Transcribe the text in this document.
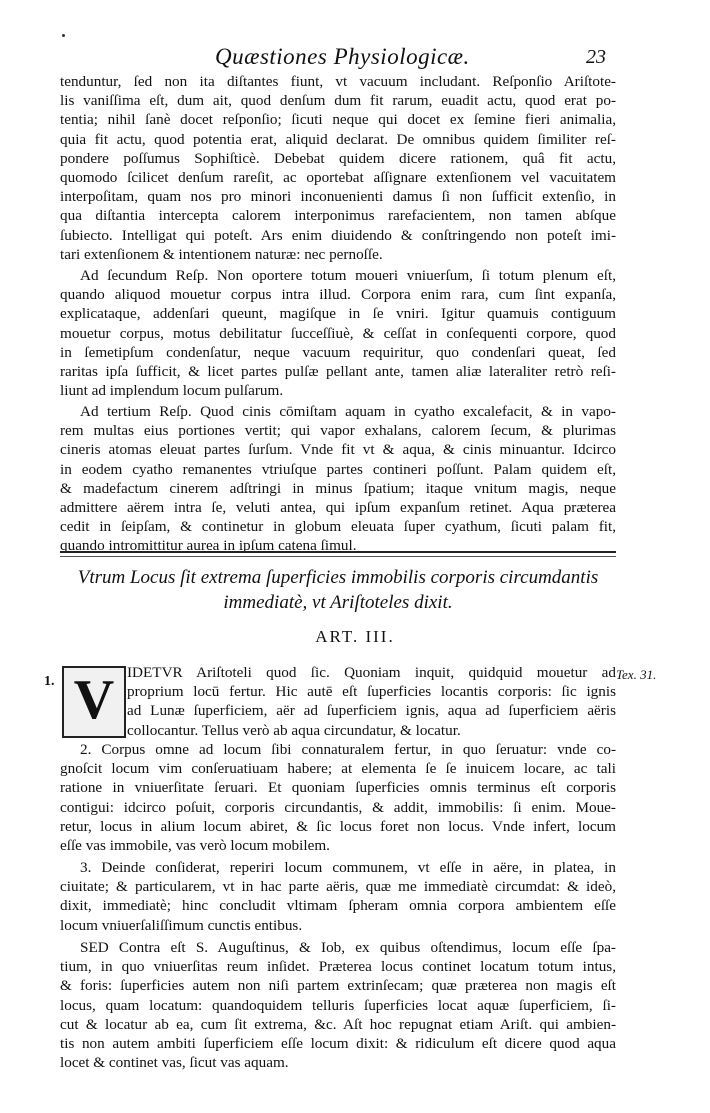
Quæstiones Physiologicæ.	23
tenduntur, ſed non ita diſtantes fiunt, vt vacuum includant. Reſponſio Ariſtote-
lis vaniſſima eſt, dum ait, quod denſum dum fit rarum, euadit actu, quod erat po-
tentia; nihil ſanè docet reſponſio; ſicuti neque qui docet ex ſemine fieri animalia,
quia fit actu, quod potentia erat, aliquid declarat. De omnibus quidem ſimiliter reſ-
pondere poſſumus Sophiſticè. Debebat quidem dicere rationem, quâ fit actu,
quomodo ſcilicet denſum rareſit, ac oportebat aſſignare extenſionem vel vacuitatem
interpoſitam, quam nos pro minori inconuenienti damus ſi non ſufficit extenſio, in
qua diſtantia intercepta calorem interponimus rarefacientem, non tamen abſque
ſubiecto. Intelligat qui poteſt. Ars enim diuidendo & conſtringendo non poteſt imi-
tari extenſionem & intentionem naturæ: nec pernoſſe.
Ad ſecundum Reſp. Non oportere totum moueri vniuerſum, ſi totum plenum eſt,
quando aliquod mouetur corpus intra illud. Corpora enim rara, cum ſint expanſa,
explicataque, addenſari queunt, magiſque in ſe vniri. Igitur quamuis contiguum
mouetur corpus, motus debilitatur ſucceſſiuè, & ceſſat in conſequenti corpore, quod
in ſemetipſum condenſatur, neque vacuum requiritur, quo condenſari queat, ſed
raritas ipſa ſufficit, & licet partes pulſæ pellant ante, tamen aliæ lateraliter retrò reſi-
liunt ad implendum locum pulſarum.
Ad tertium Reſp. Quod cinis cōmiſtam aquam in cyatho excalefacit, & in vapo-
rem multas eius portiones vertit; qui vapor exhalans, calorem ſecum, & plurimas
cineris atomas eleuat partes ſurſum. Vnde fit vt & aqua, & cinis minuantur. Idcirco
in eodem cyatho remanentes vtriuſque partes contineri poſſunt. Palam quidem eſt,
& madefactum cinerem adſtringi in minus ſpatium; itaque vnitum magis, neque
admittere aërem intra ſe, veluti antea, qui ipſum expanſum retinet. Aqua præterea
cedit in ſeipſam, & continetur in globum eleuata ſuper cyathum, ſicuti palam fit,
quando intromittitur aurea in ipſum catena ſimul.
Vtrum Locus ſit extrema ſuperficies immobilis corporis circumdantis
immediatè, vt Ariſtoteles dixit.
ART. III.
1. V	Tex. 31.
IDETVR Ariſtoteli quod ſic. Quoniam inquit, quidquid mouetur ad
proprium locū fertur. Hic autē eſt ſuperficies locantis corporis: ſic ignis
ad Lunæ ſuperficiem, aër ad ſuperficiem ignis, aqua ad ſuperficiem aëris
collocantur. Tellus verò ab aqua circundatur, & locatur.
2. Corpus omne ad locum ſibi connaturalem fertur, in quo ſeruatur: vnde co-
gnoſcit locum vim conſeruatiuam habere; at elementa ſe ſe inuicem locare, ac tali
ratione in vniuerſitate ſeruari. Et quoniam ſuperficies omnis terminus eſt corporis
contigui: idcirco poſuit, corporis circundantis, & addit, immobilis: ſi enim. Moue-
retur, locus in alium locum abiret, & ſic locus foret non locus. Vnde infert, locum
eſſe vas immobile, vas verò locum mobilem.
3. Deinde conſiderat, reperiri locum communem, vt eſſe in aëre, in platea, in
ciuitate; & particularem, vt in hac parte aëris, quæ me immediatè circumdat: & ideò,
dixit, immediatè; hinc concludit vltimam ſpheram omnia corpora ambientem eſſe
locum vniuerſaliſſimum cunctis entibus.
SED Contra eſt S. Auguſtinus, & Iob, ex quibus oſtendimus, locum eſſe ſpa-
tium, in quo vniuerſitas reum inſidet. Præterea locus continet locatum totum intus,
& foris: ſuperficies autem non niſi partem extrinſecam; quæ præterea non magis eſt
locus, quam locatum: quandoquidem telluris ſuperficies locat aquæ ſuperficiem, ſi-
cut & locatur ab ea, cum ſit extrema, &c. Aſt hoc repugnat etiam Ariſt. qui ambien-
tis non autem ambiti ſuperficiem eſſe locum dixit: & ridiculum eſt dicere quod aqua
locet & continet vas, ſicut vas aquam.
